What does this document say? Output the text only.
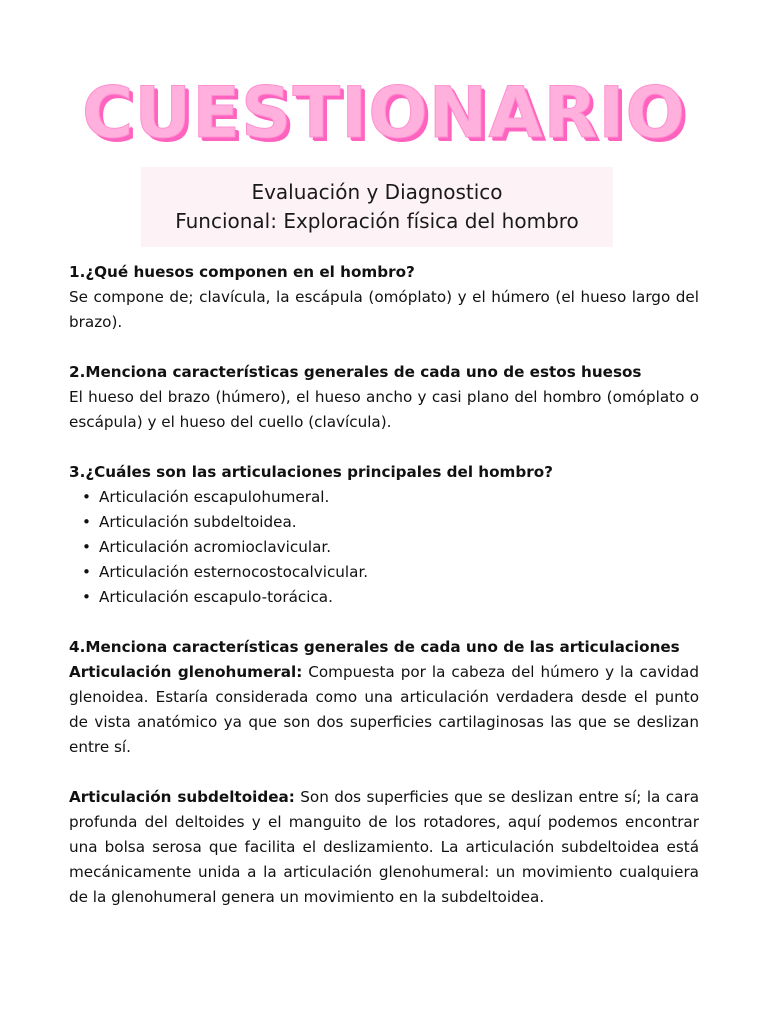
CUESTIONARIO
Evaluación y Diagnostico
Funcional: Exploración física del hombro

1.¿Qué huesos componen en el hombro?

Se compone de; clavícula, la escápula (omóplato) y el húmero (el hueso largo del brazo).

2.Menciona características generales de cada uno de estos huesos

El hueso del brazo (húmero), el hueso ancho y casi plano del hombro (omóplato o escápula) y el hueso del cuello (clavícula).

3.¿Cuáles son las articulaciones principales del hombro?

• Articulación escapulohumeral.
• Articulación subdeltoidea.
• Articulación acromioclavicular.
• Articulación esternocostocalvicular.
• Articulación escapulo-torácica.

4.Menciona características generales de cada uno de las articulaciones

Articulación glenohumeral: Compuesta por la cabeza del húmero y la cavidad glenoidea. Estaría considerada como una articulación verdadera desde el punto de vista anatómico ya que son dos superficies cartilaginosas las que se deslizan entre sí.

Articulación subdeltoidea: Son dos superficies que se deslizan entre sí; la cara profunda del deltoides y el manguito de los rotadores, aquí podemos encontrar una bolsa serosa que facilita el deslizamiento. La articulación subdeltoidea está mecánicamente unida a la articulación glenohumeral: un movimiento cualquiera de la glenohumeral genera un movimiento en la subdeltoidea.
